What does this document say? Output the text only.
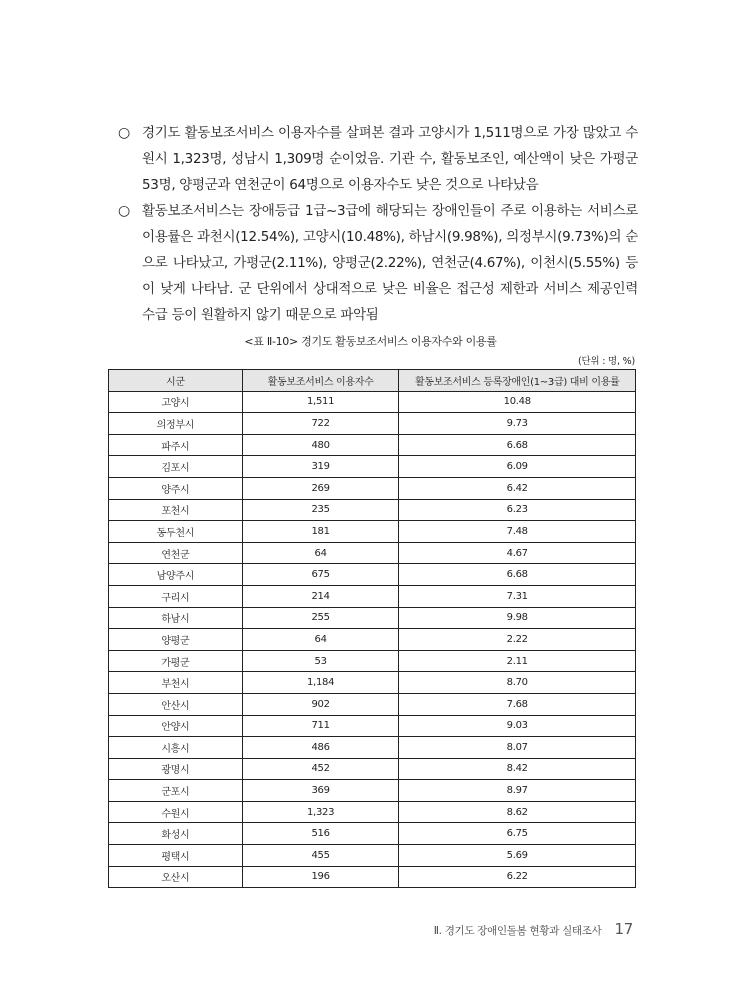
○ 경기도 활동보조서비스 이용자수를 살펴본 결과 고양시가 1,511명으로 가장 많았고 수원시 1,323명, 성남시 1,309명 순이었음. 기관 수, 활동보조인, 예산액이 낮은 가평군 53명, 양평군과 연천군이 64명으로 이용자수도 낮은 것으로 나타났음
○ 활동보조서비스는 장애등급 1급~3급에 해당되는 장애인들이 주로 이용하는 서비스로 이용률은 과천시(12.54%), 고양시(10.48%), 하남시(9.98%), 의정부시(9.73%)의 순으로 나타났고, 가평군(2.11%), 양평군(2.22%), 연천군(4.67%), 이천시(5.55%) 등이 낮게 나타남. 군 단위에서 상대적으로 낮은 비율은 접근성 제한과 서비스 제공인력 수급 등이 원활하지 않기 때문으로 파악됨
<표 Ⅱ-10> 경기도 활동보조서비스 이용자수와 이용률
(단위 : 명, %)
시군	활동보조서비스 이용자수	활동보조서비스 등록장애인(1~3급) 대비 이용률
고양시	1,511	10.48
의정부시	722	9.73
파주시	480	6.68
김포시	319	6.09
양주시	269	6.42
포천시	235	6.23
동두천시	181	7.48
연천군	64	4.67
남양주시	675	6.68
구리시	214	7.31
하남시	255	9.98
양평군	64	2.22
가평군	53	2.11
부천시	1,184	8.70
안산시	902	7.68
안양시	711	9.03
시흥시	486	8.07
광명시	452	8.42
군포시	369	8.97
수원시	1,323	8.62
화성시	516	6.75
평택시	455	5.69
오산시	196	6.22
Ⅱ. 경기도 장애인돌봄 현황과 실태조사 17
